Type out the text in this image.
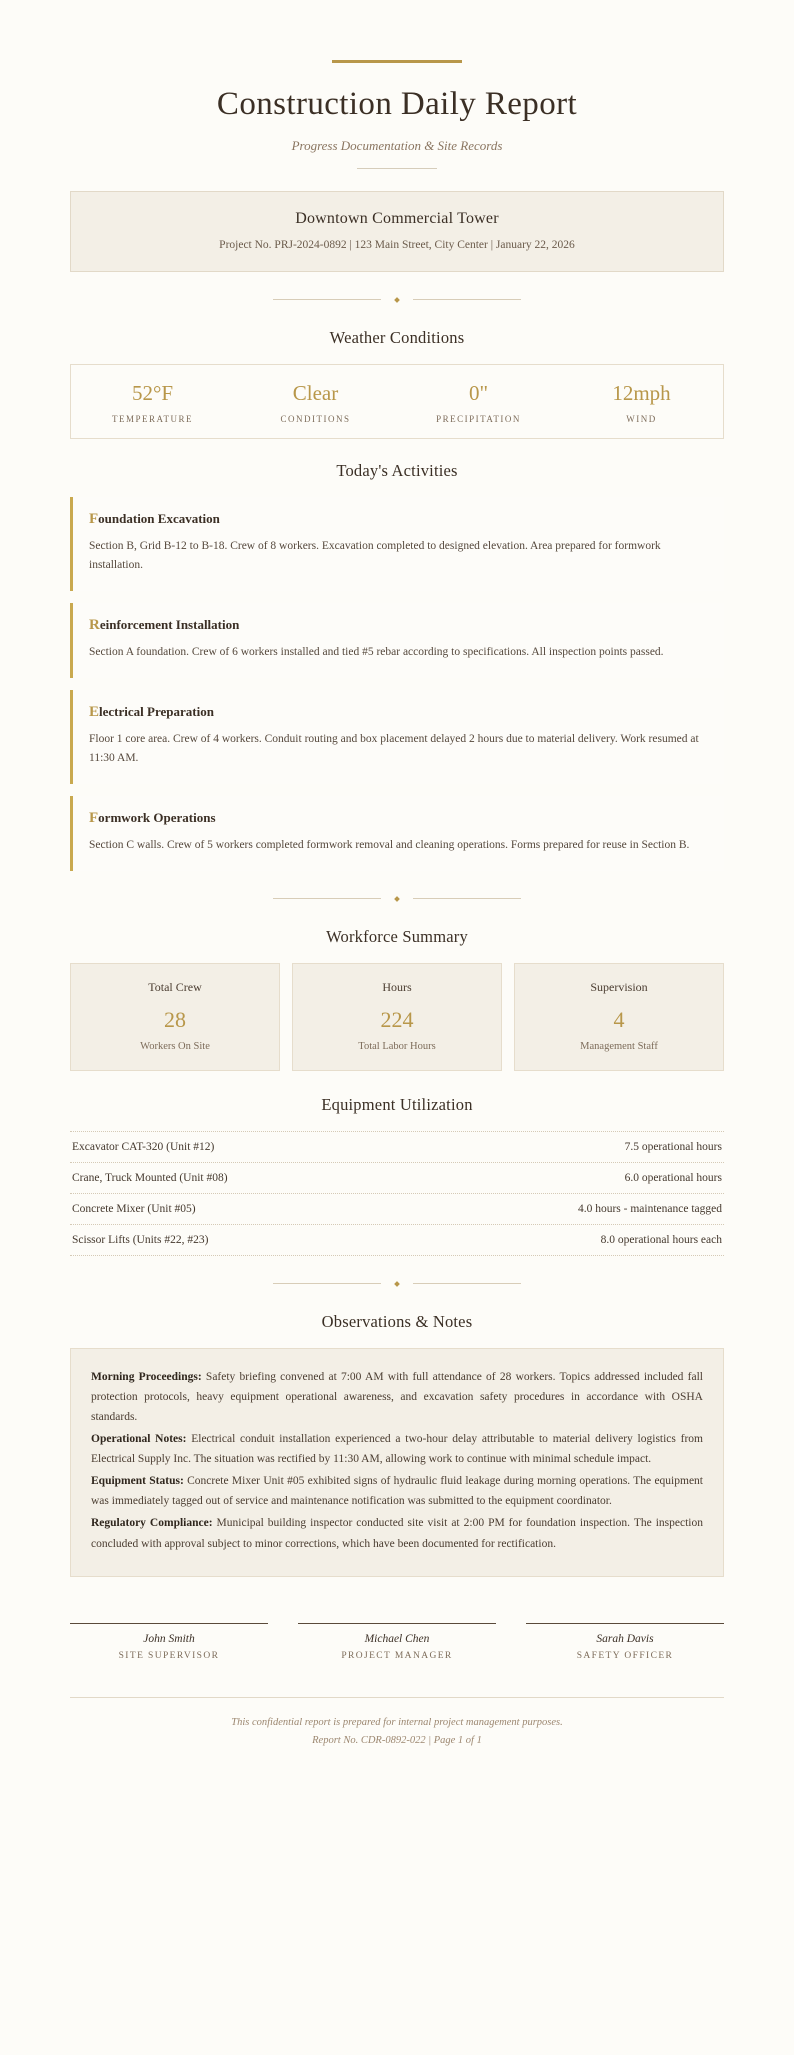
Construction Daily Report
Progress Documentation & Site Records
Downtown Commercial Tower
Project No. PRJ-2024-0892 | 123 Main Street, City Center | January 22, 2026
Weather Conditions
52°F
TEMPERATURE
Clear
CONDITIONS
0"
PRECIPITATION
12mph
WIND
Today's Activities
Foundation Excavation
Section B, Grid B-12 to B-18. Crew of 8 workers. Excavation completed to designed elevation. Area prepared for formwork installation.
Reinforcement Installation
Section A foundation. Crew of 6 workers installed and tied #5 rebar according to specifications. All inspection points passed.
Electrical Preparation
Floor 1 core area. Crew of 4 workers. Conduit routing and box placement delayed 2 hours due to material delivery. Work resumed at 11:30 AM.
Formwork Operations
Section C walls. Crew of 5 workers completed formwork removal and cleaning operations. Forms prepared for reuse in Section B.
Workforce Summary
Total Crew
28
Workers On Site
Hours
224
Total Labor Hours
Supervision
4
Management Staff
Equipment Utilization
Excavator CAT-320 (Unit #12)	7.5 operational hours
Crane, Truck Mounted (Unit #08)	6.0 operational hours
Concrete Mixer (Unit #05)	4.0 hours - maintenance tagged
Scissor Lifts (Units #22, #23)	8.0 operational hours each
Observations & Notes

Morning Proceedings: Safety briefing convened at 7:00 AM with full attendance of 28 workers. Topics addressed included fall protection protocols, heavy equipment operational awareness, and excavation safety procedures in accordance with OSHA standards.

Operational Notes: Electrical conduit installation experienced a two-hour delay attributable to material delivery logistics from Electrical Supply Inc. The situation was rectified by 11:30 AM, allowing work to continue with minimal schedule impact.

Equipment Status: Concrete Mixer Unit #05 exhibited signs of hydraulic fluid leakage during morning operations. The equipment was immediately tagged out of service and maintenance notification was submitted to the equipment coordinator.

Regulatory Compliance: Municipal building inspector conducted site visit at 2:00 PM for foundation inspection. The inspection concluded with approval subject to minor corrections, which have been documented for rectification.

John Smith
SITE SUPERVISOR
Michael Chen
PROJECT MANAGER
Sarah Davis
SAFETY OFFICER
This confidential report is prepared for internal project management purposes.
Report No. CDR-0892-022 | Page 1 of 1
